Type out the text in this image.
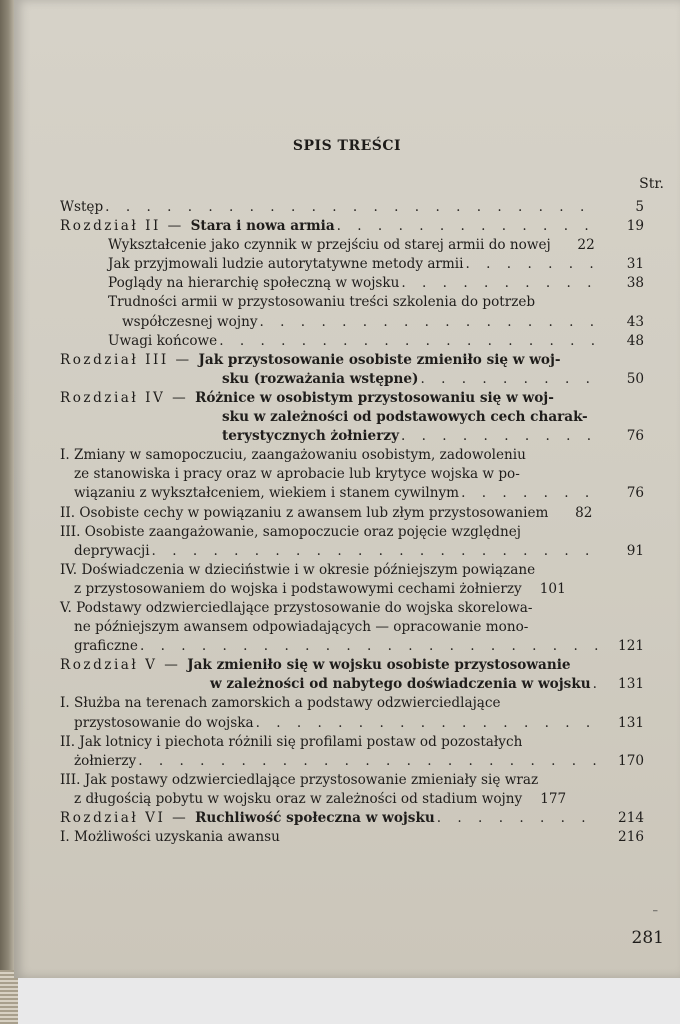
SPIS TREŚCI
Str.
Wstęp . . .	5
Rozdział II — Stara i nowa armia . . .	19
Wykształcenie jako czynnik w przejściu od starej armii do nowej	22
Jak przyjmowali ludzie autorytatywne metody armii . . .	31
Poglądy na hierarchię społeczną w wojsku . . .	38
Trudności armii w przystosowaniu treści szkolenia do potrzeb
współczesnej wojny . . .	43
Uwagi końcowe . . .	48
Rozdział III — Jak przystosowanie osobiste zmieniło się w woj-
sku (rozważania wstępne) . . .	50
Rozdział IV — Różnice w osobistym przystosowaniu się w woj-
sku w zależności od podstawowych cech charak-
terystycznych żołnierzy . . .	76
I. Zmiany w samopoczuciu, zaangażowaniu osobistym, zadowoleniu
ze stanowiska i pracy oraz w aprobacie lub krytyce wojska w po-
wiązaniu z wykształceniem, wiekiem i stanem cywilnym . . .	76
II. Osobiste cechy w powiązaniu z awansem lub złym przystosowaniem	82
III. Osobiste zaangażowanie, samopoczucie oraz pojęcie względnej
deprywacji . . .	91
IV. Doświadczenia w dzieciństwie i w okresie późniejszym powiązane
z przystosowaniem do wojska i podstawowymi cechami żołnierzy	101
V. Podstawy odzwierciedlające przystosowanie do wojska skorelowa-
ne późniejszym awansem odpowiadających — opracowanie mono-
graficzne . . .	121
Rozdział V — Jak zmieniło się w wojsku osobiste przystosowanie
w zależności od nabytego doświadczenia w wojsku . . .	131
I. Służba na terenach zamorskich a podstawy odzwierciedlające
przystosowanie do wojska . . .	131
II. Jak lotnicy i piechota różnili się profilami postaw od pozostałych
żołnierzy . . .	170
III. Jak postawy odzwierciedlające przystosowanie zmieniały się wraz
z długością pobytu w wojsku oraz w zależności od stadium wojny	177
Rozdział VI — Ruchliwość społeczna w wojsku . . .	214
I. Możliwości uzyskania awansu	216
–
281
